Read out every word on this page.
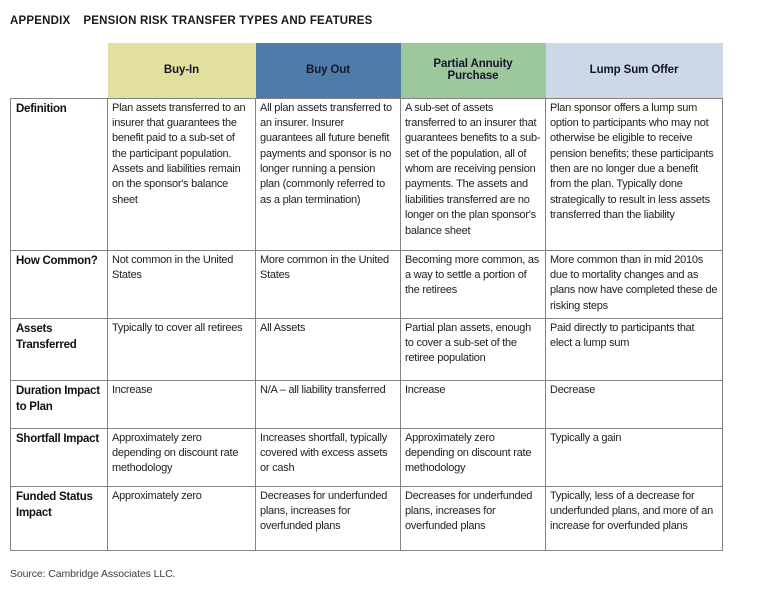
APPENDIX PENSION RISK TRANSFER TYPES AND FEATURES
	Buy-In	Buy Out	Partial Annuity Purchase	Lump Sum Offer
Definition	Plan assets transferred to an insurer that guarantees the benefit paid to a sub-set of the participant population. Assets and liabilities remain on the sponsor's balance sheet	All plan assets transferred to an insurer. Insurer guarantees all future benefit payments and sponsor is no longer running a pension plan (commonly referred to as a plan termination)	A sub-set of assets transferred to an insurer that guarantees benefits to a sub-set of the population, all of whom are receiving pension payments. The assets and liabilities transferred are no longer on the plan sponsor's balance sheet	Plan sponsor offers a lump sum option to participants who may not otherwise be eligible to receive pension benefits; these participants then are no longer due a benefit from the plan. Typically done strategically to result in less assets transferred than the liability
How Common?	Not common in the United States	More common in the United States	Becoming more common, as a way to settle a portion of the retirees	More common than in mid 2010s due to mortality changes and as plans now have completed these de risking steps
Assets Transferred	Typically to cover all retirees	All Assets	Partial plan assets, enough to cover a sub-set of the retiree population	Paid directly to participants that elect a lump sum
Duration Impact to Plan	Increase	N/A – all liability transferred	Increase	Decrease
Shortfall Impact	Approximately zero depending on discount rate methodology	Increases shortfall, typically covered with excess assets or cash	Approximately zero depending on discount rate methodology	Typically a gain
Funded Status Impact	Approximately zero	Decreases for underfunded plans, increases for overfunded plans	Decreases for underfunded plans, increases for overfunded plans	Typically, less of a decrease for underfunded plans, and more of an increase for overfunded plans
Source: Cambridge Associates LLC.
